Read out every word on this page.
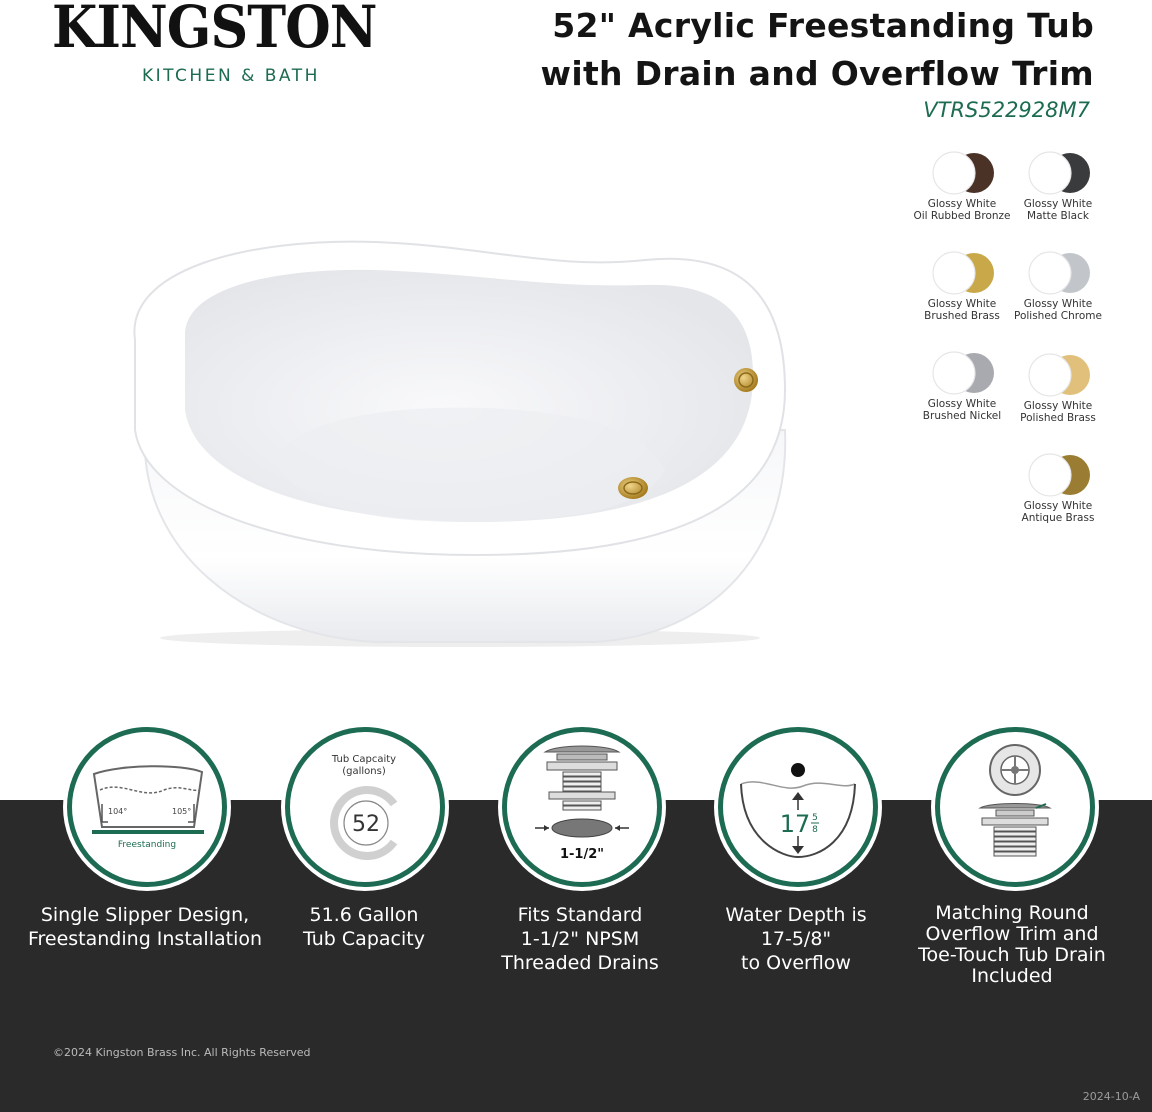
KINGSTON
KITCHEN & BATH
52" Acrylic Freestanding Tub
with Drain and Overflow Trim
VTRS522928M7
Glossy White
Oil Rubbed Bronze
Glossy White
Matte Black
Glossy White
Brushed Brass
Glossy White
Polished Chrome
Glossy White
Brushed Nickel
Glossy White
Polished Brass
Glossy White
Antique Brass
104°	105°
Freestanding
Tub Capcaity
(gallons)
52
1-1/2"
17 5
8
Single Slipper Design,
Freestanding Installation
51.6 Gallon
Tub Capacity
Fits Standard
1-1/2" NPSM
Threaded Drains
Water Depth is
17-5/8"
to Overflow
Matching Round
Overflow Trim and
Toe-Touch Tub Drain
Included
©2024 Kingston Brass Inc. All Rights Reserved
2024-10-A
